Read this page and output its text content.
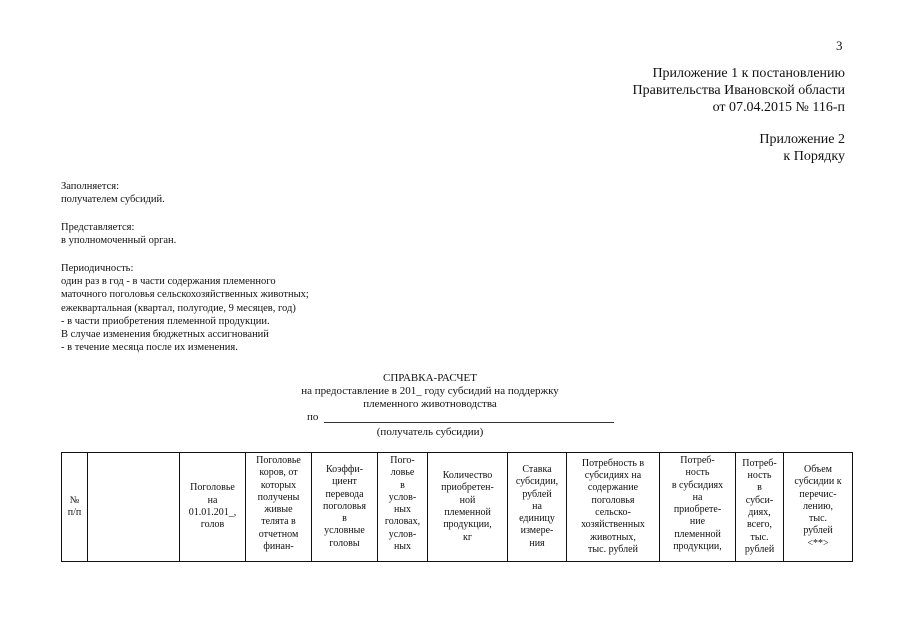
3
Приложение 1 к постановлению
Правительства Ивановской области
от 07.04.2015 № 116-п
Приложение 2
к Порядку
Заполняется:
получателем субсидий.
Представляется:
в уполномоченный орган.
Периодичность:
один раз в год - в части содержания племенного
маточного поголовья сельскохозяйственных животных;
ежеквартальная (квартал, полугодие, 9 месяцев, год)
- в части приобретения племенной продукции.
В случае изменения бюджетных ассигнований
- в течение месяца после их изменения.
СПРАВКА-РАСЧЕТ
на предоставление в 201_ году субсидий на поддержку
племенного животноводства
по
(получатель субсидии)
№
п/п

Поголовье
на
01.01.201_,
голов

Поголовье
коров, от
которых
получены
живые
телята в
отчетном
финан-

Коэффи-
циент
перевода
поголовья
в
условные
головы

Пого-
ловье
в
услов-
ных
головах,
услов-
ных

Количество
приобретен-
ной
племенной
продукции,
кг

Ставка
субсидии,
рублей
на
единицу
измере-
ния

Потребность в
субсидиях на
содержание
поголовья
сельско-
хозяйственных
животных,
тыс. рублей

Потреб-
ность
в субсидиях
на
приобрете-
ние
племенной
продукции,

Потреб-
ность
в
субси-
диях,
всего,
тыс.
рублей

Объем
субсидии к
перечис-
лению,
тыс.
рублей
<**>
